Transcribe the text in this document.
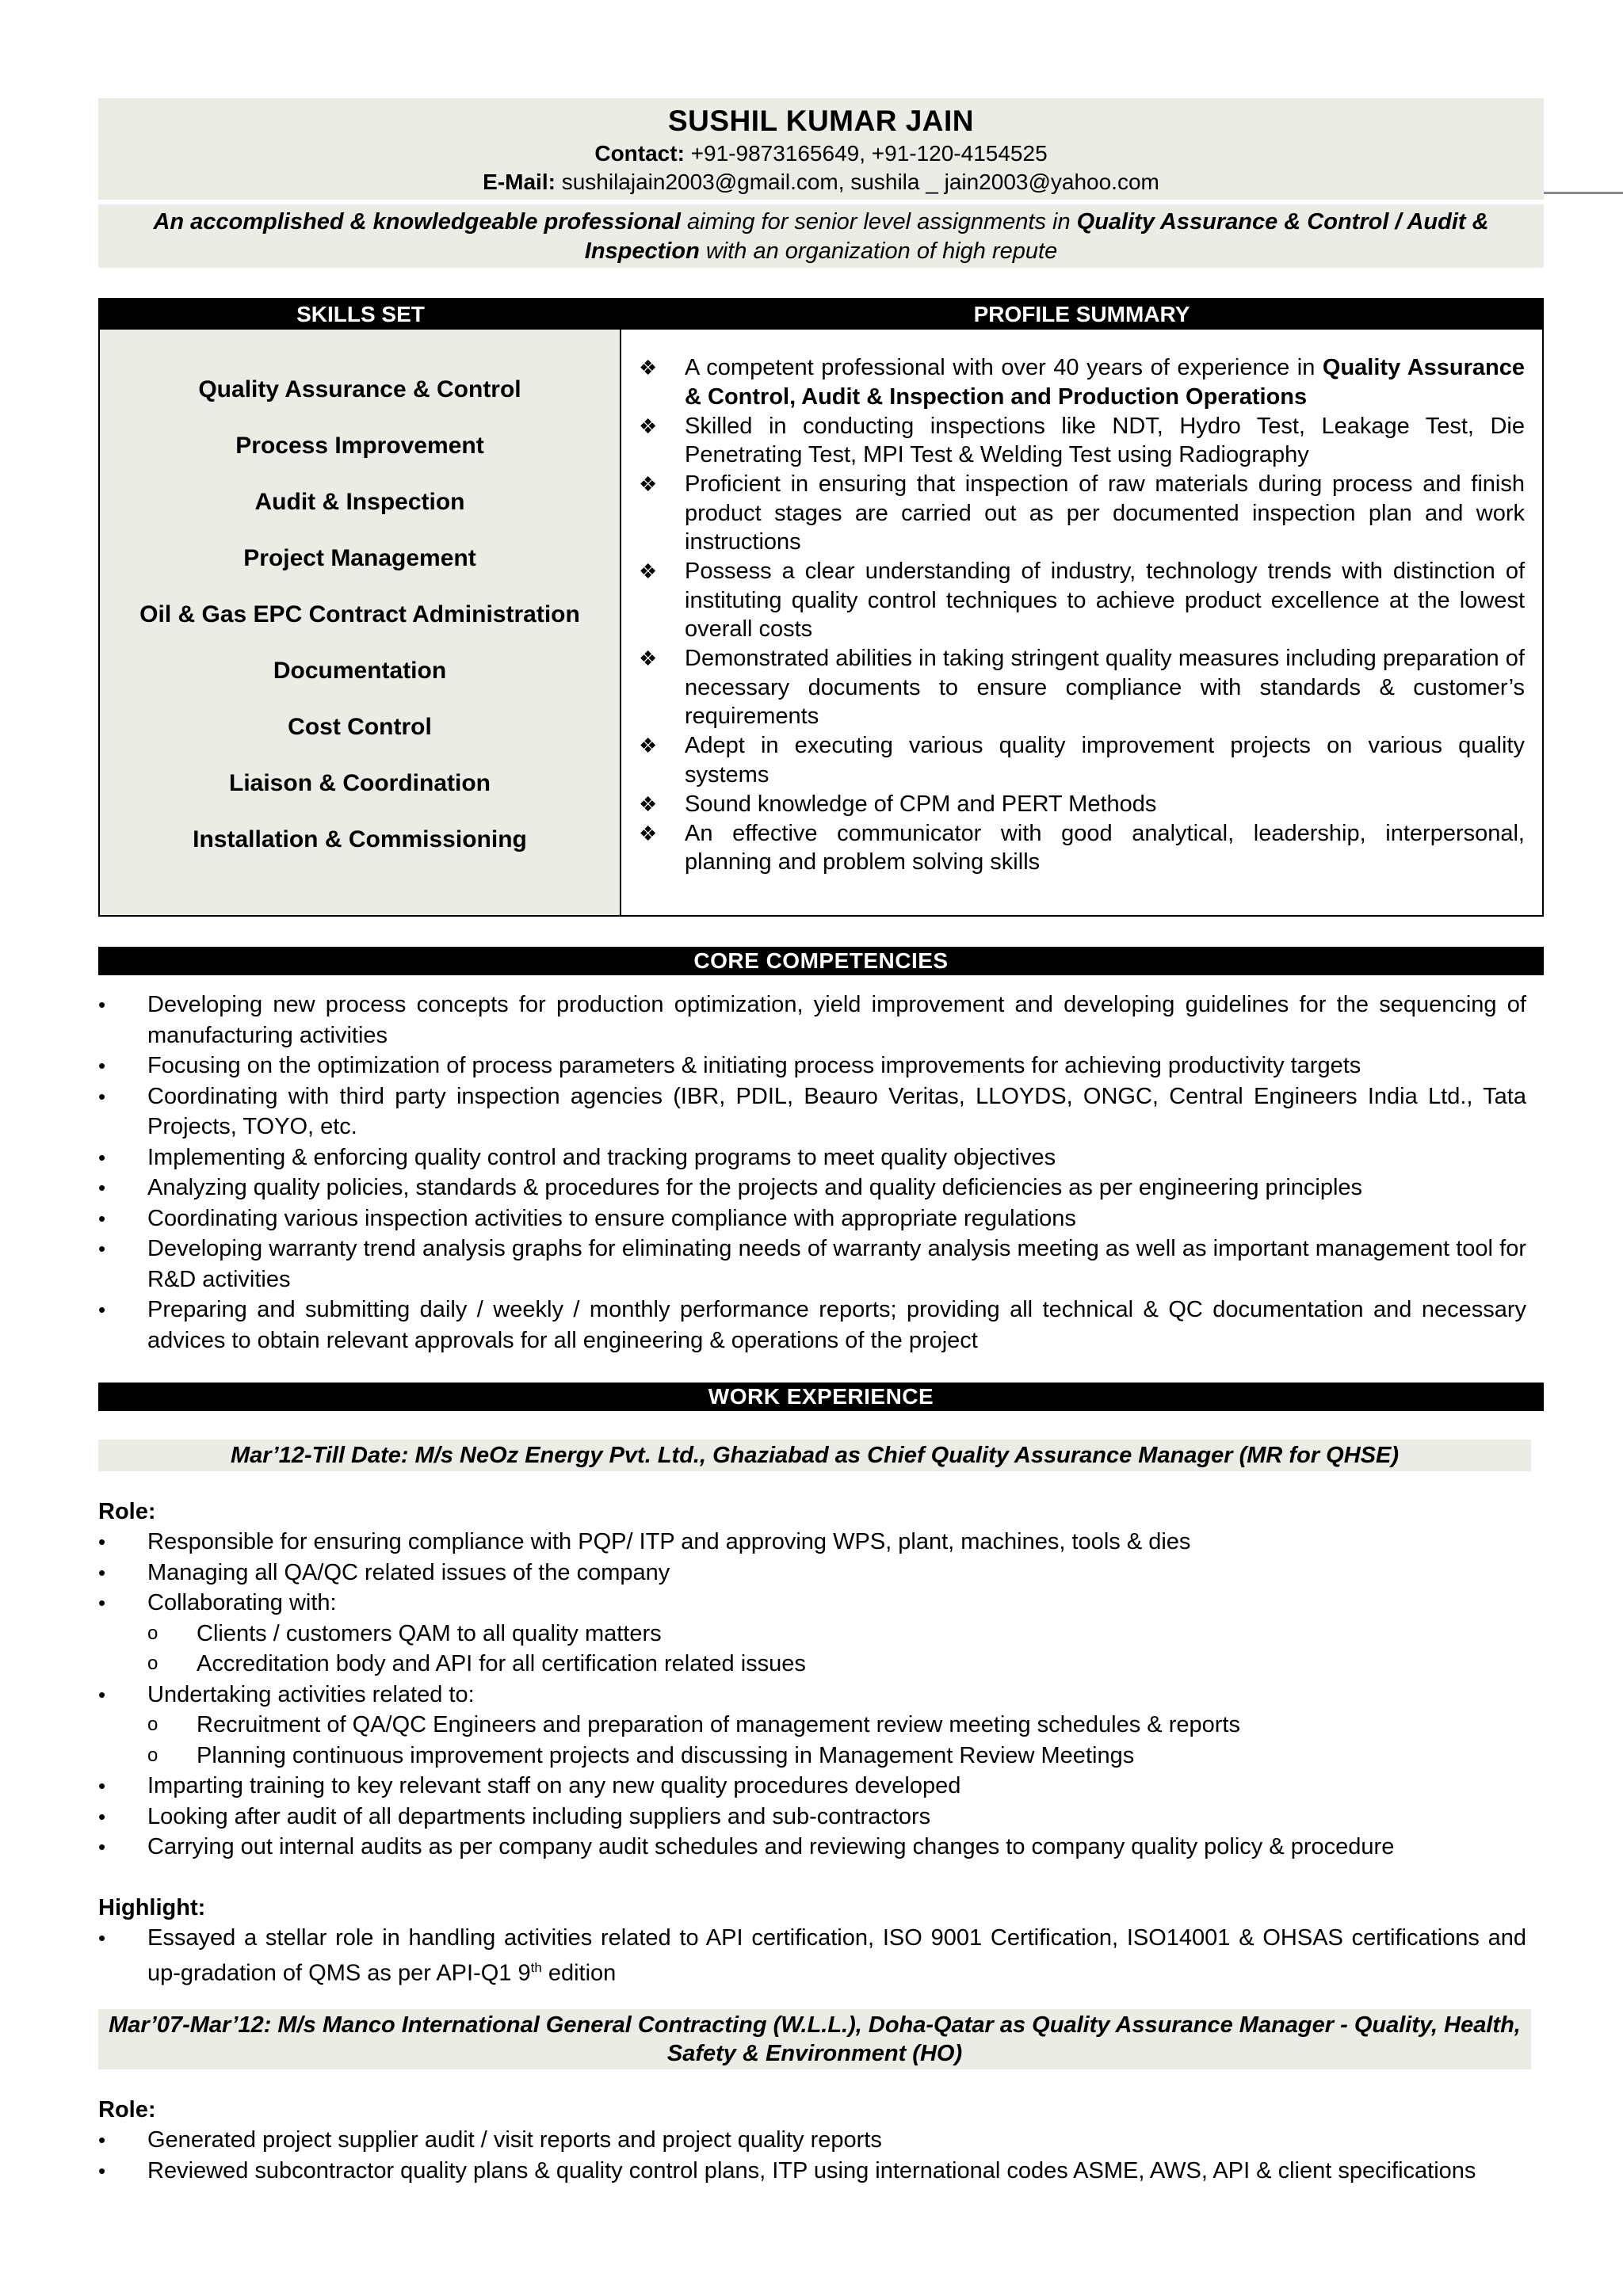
SUSHIL KUMAR JAIN
Contact: +91-9873165649, +91-120-4154525
E-Mail: sushilajain2003@gmail.com, sushila _ jain2003@yahoo.com
An accomplished & knowledgeable professional aiming for senior level assignments in Quality Assurance & Control / Audit & Inspection with an organization of high repute
SKILLS SET	PROFILE SUMMARY
Quality Assurance & Control
Process Improvement
Audit & Inspection
Project Management
Oil & Gas EPC Contract Administration
Documentation
Cost Control
Liaison & Coordination
Installation & Commissioning
❖	A competent professional with over 40 years of experience in Quality Assurance & Control, Audit & Inspection and Production Operations
❖	Skilled in conducting inspections like NDT, Hydro Test, Leakage Test, Die Penetrating Test, MPI Test & Welding Test using Radiography
❖	Proficient in ensuring that inspection of raw materials during process and finish product stages are carried out as per documented inspection plan and work instructions
❖	Possess a clear understanding of industry, technology trends with distinction of instituting quality control techniques to achieve product excellence at the lowest overall costs
❖	Demonstrated abilities in taking stringent quality measures including preparation of necessary documents to ensure compliance with standards & customer’s requirements
❖	Adept in executing various quality improvement projects on various quality systems
❖	Sound knowledge of CPM and PERT Methods
❖	An effective communicator with good analytical, leadership, interpersonal, planning and problem solving skills
CORE COMPETENCIES
•	Developing new process concepts for production optimization, yield improvement and developing guidelines for the sequencing of manufacturing activities
•	Focusing on the optimization of process parameters & initiating process improvements for achieving productivity targets
•	Coordinating with third party inspection agencies (IBR, PDIL, Beauro Veritas, LLOYDS, ONGC, Central Engineers India Ltd., Tata Projects, TOYO, etc.
•	Implementing & enforcing quality control and tracking programs to meet quality objectives
•	Analyzing quality policies, standards & procedures for the projects and quality deficiencies as per engineering principles
•	Coordinating various inspection activities to ensure compliance with appropriate regulations
•	Developing warranty trend analysis graphs for eliminating needs of warranty analysis meeting as well as important management tool for R&D activities
•	Preparing and submitting daily / weekly / monthly performance reports; providing all technical & QC documentation and necessary advices to obtain relevant approvals for all engineering & operations of the project
WORK EXPERIENCE
Mar’12-Till Date: M/s NeOz Energy Pvt. Ltd., Ghaziabad as Chief Quality Assurance Manager (MR for QHSE)
Role:
•	Responsible for ensuring compliance with PQP/ ITP and approving WPS, plant, machines, tools & dies
•	Managing all QA/QC related issues of the company
•	Collaborating with:
o	Clients / customers QAM to all quality matters
o	Accreditation body and API for all certification related issues
•	Undertaking activities related to:
o	Recruitment of QA/QC Engineers and preparation of management review meeting schedules & reports
o	Planning continuous improvement projects and discussing in Management Review Meetings
•	Imparting training to key relevant staff on any new quality procedures developed
•	Looking after audit of all departments including suppliers and sub-contractors
•	Carrying out internal audits as per company audit schedules and reviewing changes to company quality policy & procedure
Highlight:
•	Essayed a stellar role in handling activities related to API certification, ISO 9001 Certification, ISO14001 & OHSAS certifications and up-gradation of QMS as per API-Q1 9th edition
Mar’07-Mar’12: M/s Manco International General Contracting (W.L.L.), Doha-Qatar as Quality Assurance Manager - Quality, Health, Safety & Environment (HO)
Role:
•	Generated project supplier audit / visit reports and project quality reports
•	Reviewed subcontractor quality plans & quality control plans, ITP using international codes ASME, AWS, API & client specifications
